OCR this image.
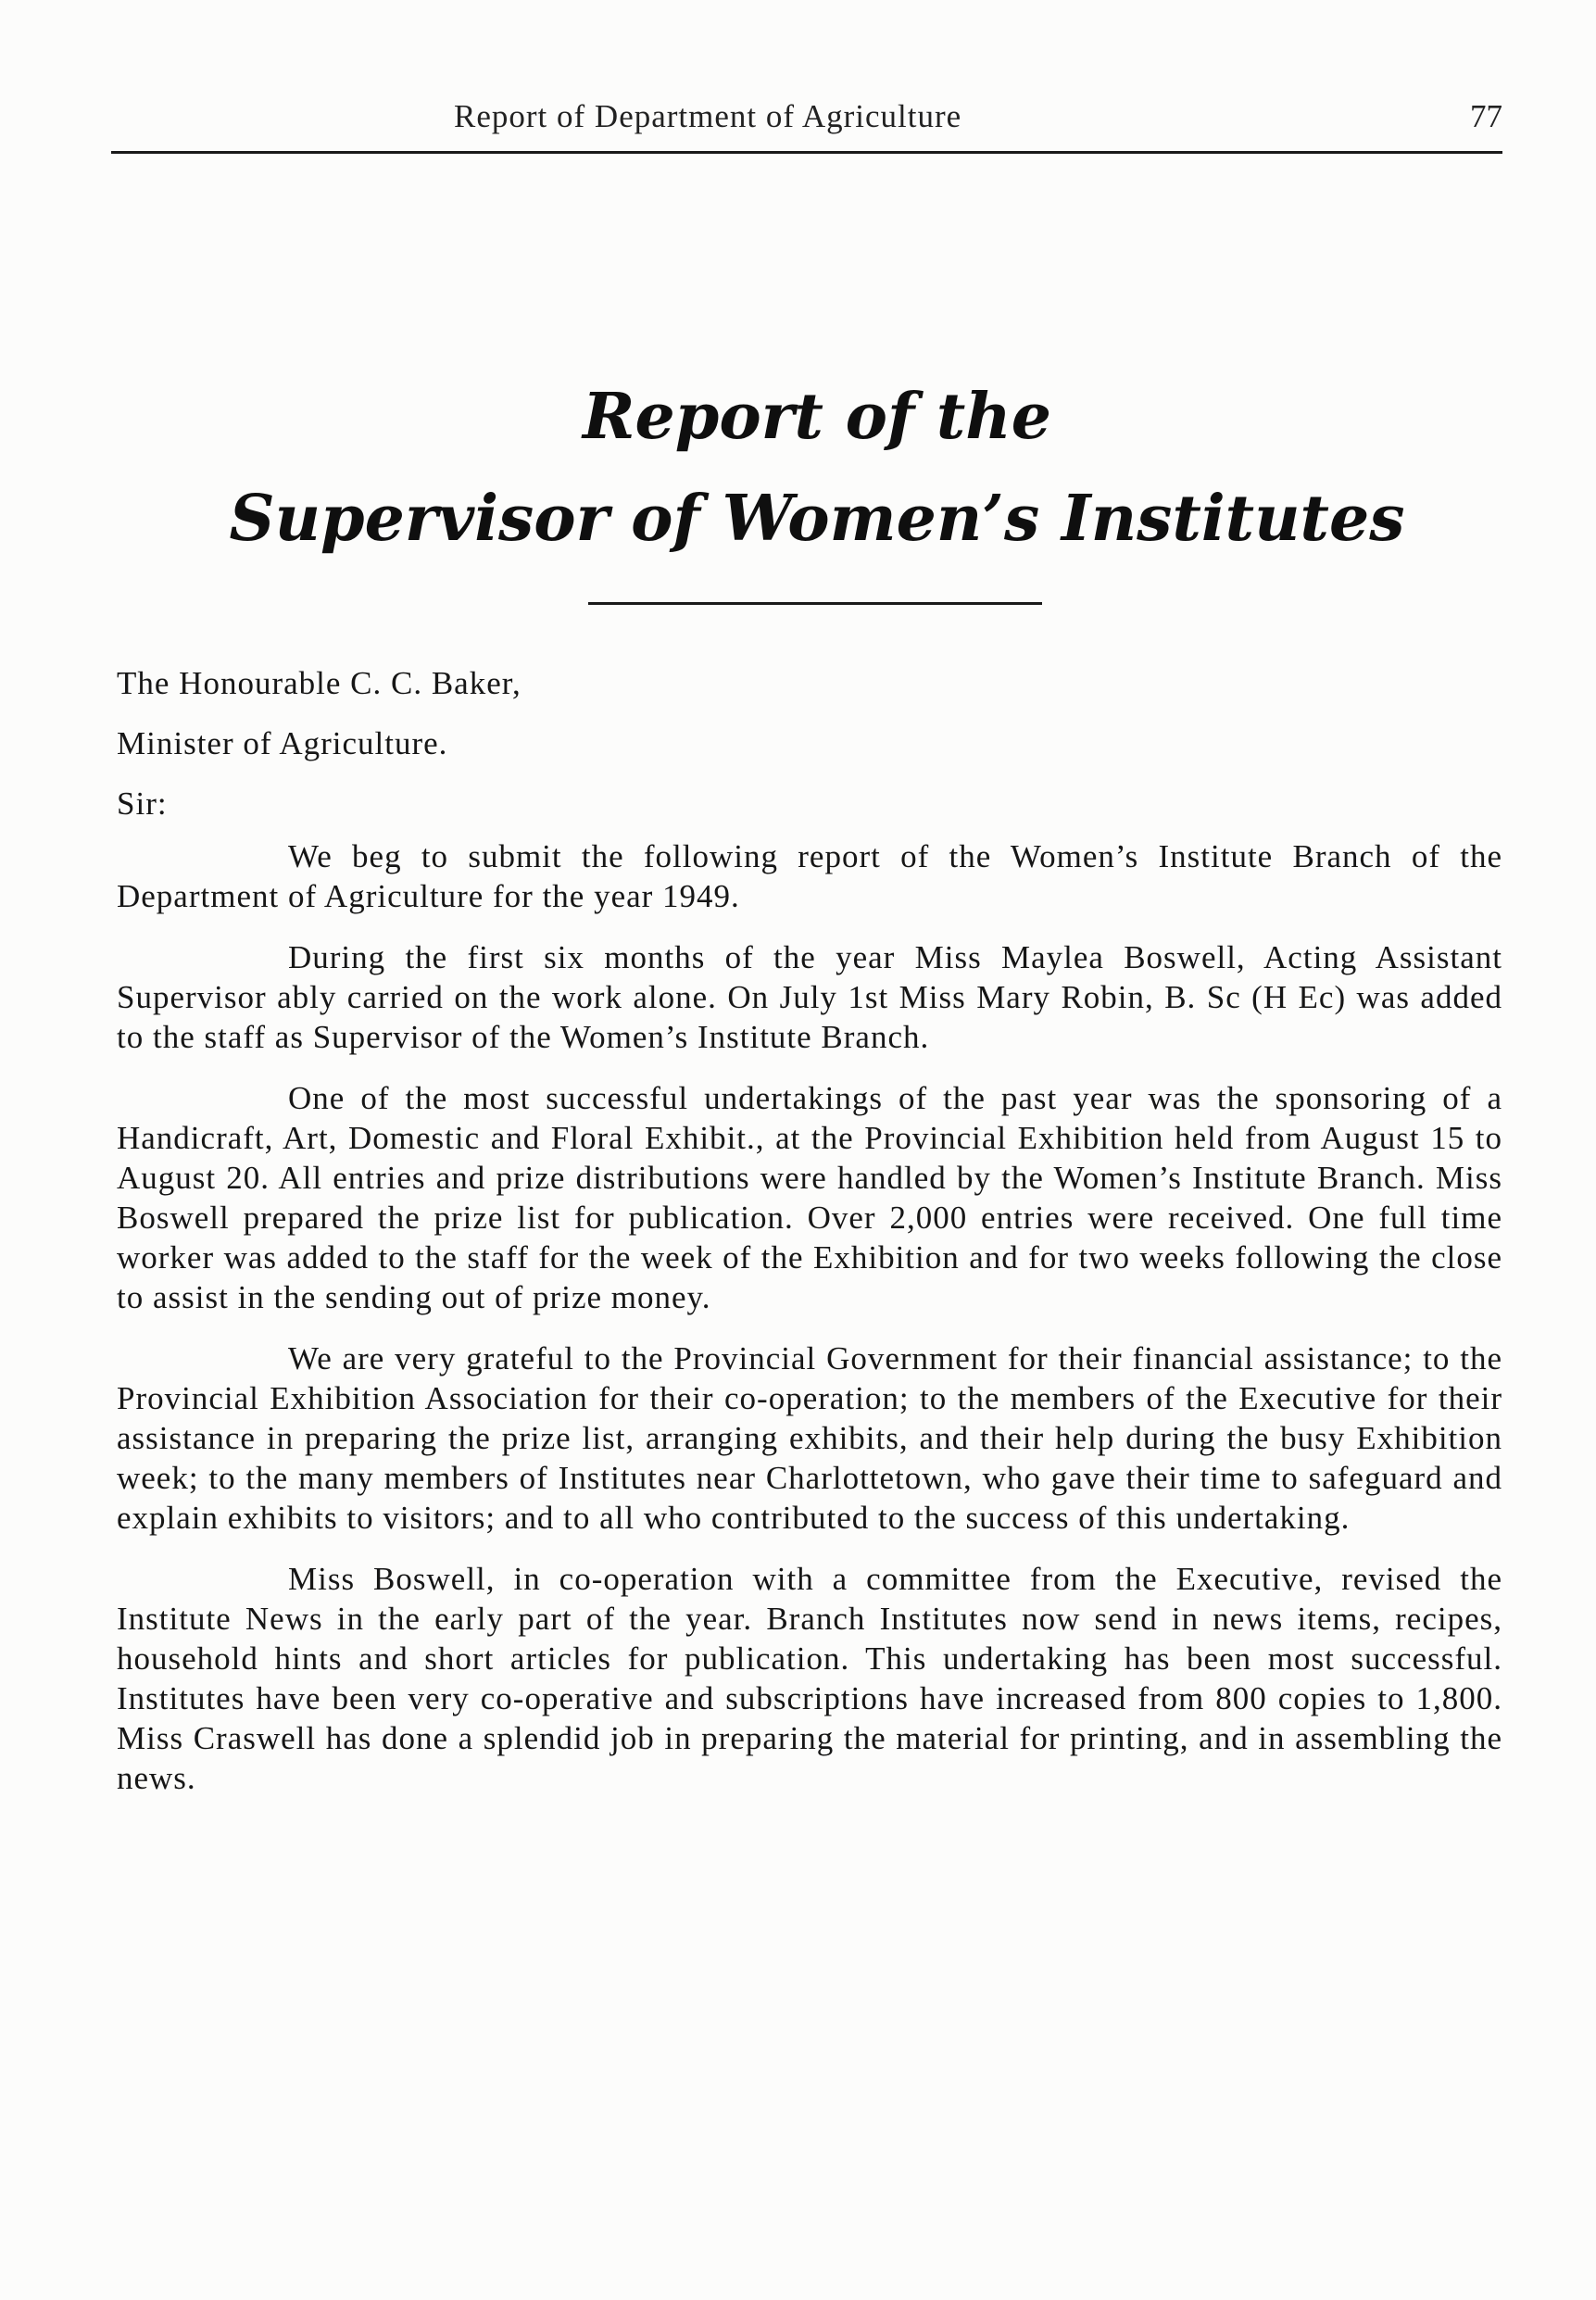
Report of Department of Agriculture	77
Report of the
Supervisor of Women’s Institutes
The Honourable C. C. Baker,
Minister of Agriculture.
Sir:

We beg to submit the following report of the Women’s Institute Branch of the Department of Agriculture for the year 1949.

During the first six months of the year Miss Maylea Boswell, Acting Assistant Supervisor ably carried on the work alone. On July 1st Miss Mary Robin, B. Sc (H Ec) was added to the staff as Supervisor of the Women’s Institute Branch.

One of the most successful undertakings of the past year was the sponsoring of a Handicraft, Art, Domestic and Floral Exhibit., at the Provincial Exhibition held from August 15 to August 20. All entries and prize distributions were handled by the Women’s Institute Branch. Miss Boswell prepared the prize list for publication. Over 2,000 entries were received. One full time worker was added to the staff for the week of the Exhibition and for two weeks following the close to assist in the sending out of prize money.

We are very grateful to the Provincial Government for their financial assistance; to the Provincial Exhibition Association for their co-operation; to the members of the Executive for their assistance in preparing the prize list, arranging exhibits, and their help during the busy Exhibition week; to the many members of Institutes near Charlottetown, who gave their time to safeguard and explain exhibits to visitors; and to all who contributed to the success of this undertaking.

Miss Boswell, in co-operation with a committee from the Executive, revised the Institute News in the early part of the year. Branch Institutes now send in news items, recipes, household hints and short articles for publication. This undertaking has been most successful. Institutes have been very co-operative and subscriptions have increased from 800 copies to 1,800. Miss Craswell has done a splendid job in preparing the material for printing, and in assembling the news.
